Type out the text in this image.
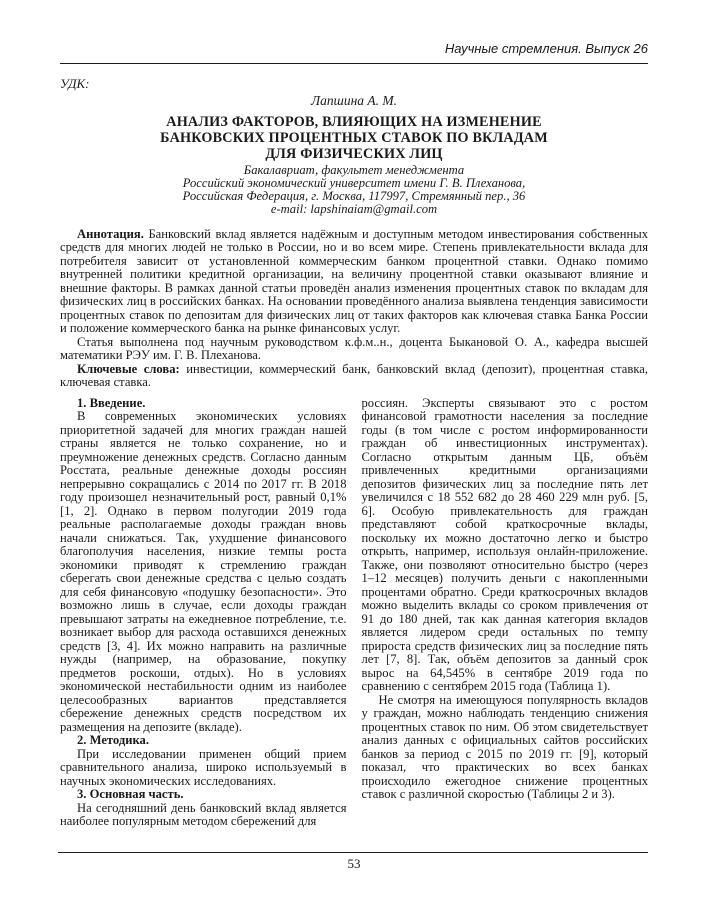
Научные стремления. Выпуск 26
УДК:
Лапшина А. М.
АНАЛИЗ ФАКТОРОВ, ВЛИЯЮЩИХ НА ИЗМЕНЕНИЕ
БАНКОВСКИХ ПРОЦЕНТНЫХ СТАВОК ПО ВКЛАДАМ
ДЛЯ ФИЗИЧЕСКИХ ЛИЦ
Бакалавриат, факультет менеджмента
Российский экономический университет имени Г. В. Плеханова,
Российская Федерация, г. Москва, 117997, Стремянный пер., 36
e-mail: lapshinaiam@gmail.com

Аннотация. Банковский вклад является надёжным и доступным методом инвестирования собственных средств для многих людей не только в России, но и во всем мире. Степень привлекательности вклада для потребителя зависит от установленной коммерческим банком процентной ставки. Однако помимо внутренней политики кредитной организации, на величину процентной ставки оказывают влияние и внешние факторы. В рамках данной статьи проведён анализ изменения процентных ставок по вкладам для физических лиц в российских банках. На основании проведённого анализа выявлена тенденция зависимости процентных ставок по депозитам для физических лиц от таких факторов как ключевая ставка Банка России и положение коммерческого банка на рынке финансовых услуг.

Статья выполнена под научным руководством к.ф.м..н., доцента Быкановой О. А., кафедра высшей математики РЭУ им. Г. В. Плеханова.

Ключевые слова: инвестиции, коммерческий банк, банковский вклад (депозит), процентная ставка, ключевая ставка.

1. Введение.

В современных экономических условиях приоритетной задачей для многих граждан нашей страны является не только сохранение, но и преумножение денежных средств. Согласно данным Росстата, реальные денежные доходы россиян непрерывно сокращались с 2014 по 2017 гг. В 2018 году произошел незначительный рост, равный 0,1% [1, 2]. Однако в первом полугодии 2019 года реальные располагаемые доходы граждан вновь начали снижаться. Так, ухудшение финансового благополучия населения, низкие темпы роста экономики приводят к стремлению граждан сберегать свои денежные средства с целью создать для себя финансовую «подушку безопасности». Это возможно лишь в случае, если доходы граждан превышают затраты на ежедневное потребление, т.е. возникает выбор для расхода оставшихся денежных средств [3, 4]. Их можно направить на различные нужды (например, на образование, покупку предметов роскоши, отдых). Но в условиях экономической нестабильности одним из наиболее целесообразных вариантов представляется сбережение денежных средств посредством их размещения на депозите (вкладе).

2. Методика.

При исследовании применен общий прием сравнительного анализа, широко используемый в научных экономических исследованиях.

3. Основная часть.

На сегодняшний день банковский вклад является наиболее популярным методом сбережений для

россиян. Эксперты связывают это с ростом финансовой грамотности населения за последние годы (в том числе с ростом информированности граждан об инвестиционных инструментах). Согласно открытым данным ЦБ, объём привлеченных кредитными организациями депозитов физических лиц за последние пять лет увеличился с 18 552 682 до 28 460 229 млн руб. [5, 6]. Особую привлекательность для граждан представляют собой краткосрочные вклады, поскольку их можно достаточно легко и быстро открыть, например, используя онлайн-приложение. Также, они позволяют относительно быстро (через 1–12 месяцев) получить деньги с накопленными процентами обратно. Среди краткосрочных вкладов можно выделить вклады со сроком привлечения от 91 до 180 дней, так как данная категория вкладов является лидером среди остальных по темпу прироста средств физических лиц за последние пять лет [7, 8]. Так, объём депозитов за данный срок вырос на 64,545% в сентябре 2019 года по сравнению с сентябрем 2015 года (Таблица 1).

Не смотря на имеющуюся популярность вкладов у граждан, можно наблюдать тенденцию снижения процентных ставок по ним. Об этом свидетельствует анализ данных с официальных сайтов российских банков за период с 2015 по 2019 гг. [9], который показал, что практических во всех банках происходило ежегодное снижение процентных ставок с различной скоростью (Таблицы 2 и 3).

53
